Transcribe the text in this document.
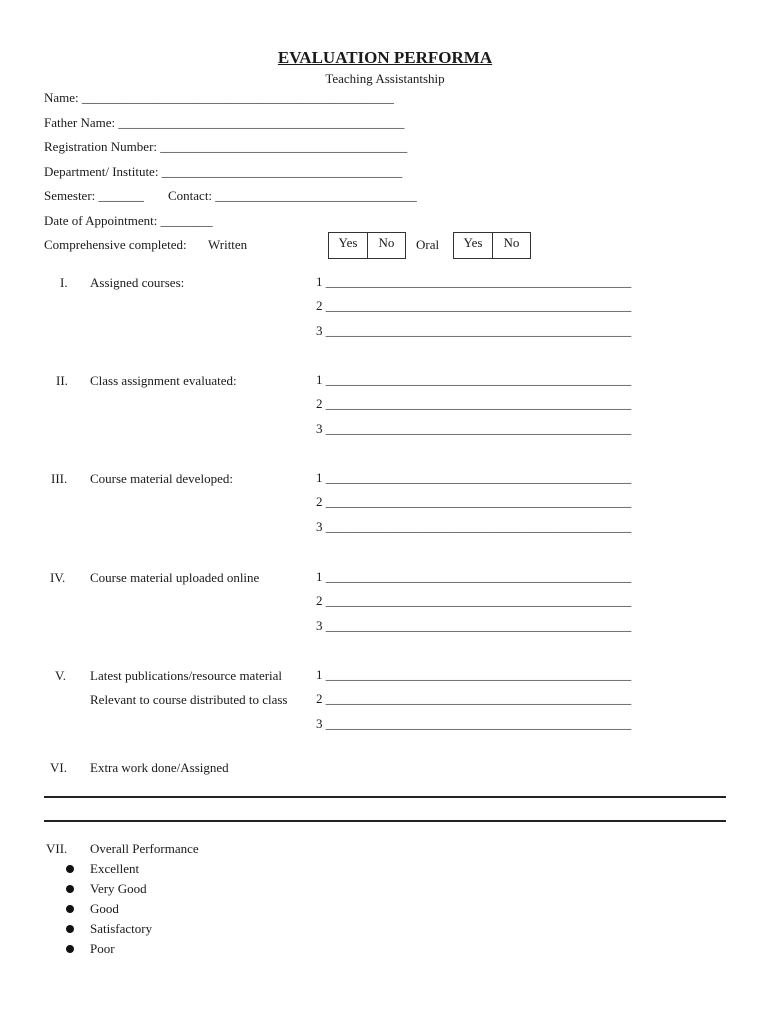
EVALUATION PERFORMA
Teaching Assistantship
Name: ________________________________________________
Father Name: ____________________________________________
Registration Number: ______________________________________
Department/ Institute: _____________________________________
Semester: _______ Contact: _______________________________
Date of Appointment: ________
Comprehensive completed: Written	Yes	No	Oral	Yes	No
I. Assigned courses:	1 _______________________________________________
2 _______________________________________________
3 _______________________________________________
II. Class assignment evaluated:	1 _______________________________________________
2 _______________________________________________
3 _______________________________________________
III. Course material developed:	1 _______________________________________________
2 _______________________________________________
3 _______________________________________________
IV. Course material uploaded online	1 _______________________________________________
2 _______________________________________________
3 _______________________________________________
V. Latest publications/resource material
Relevant to course distributed to class
1 _______________________________________________
2 _______________________________________________
3 _______________________________________________
VI. Extra work done/Assigned
VII. Overall Performance
Excellent
Very Good
Good
Satisfactory
Poor
